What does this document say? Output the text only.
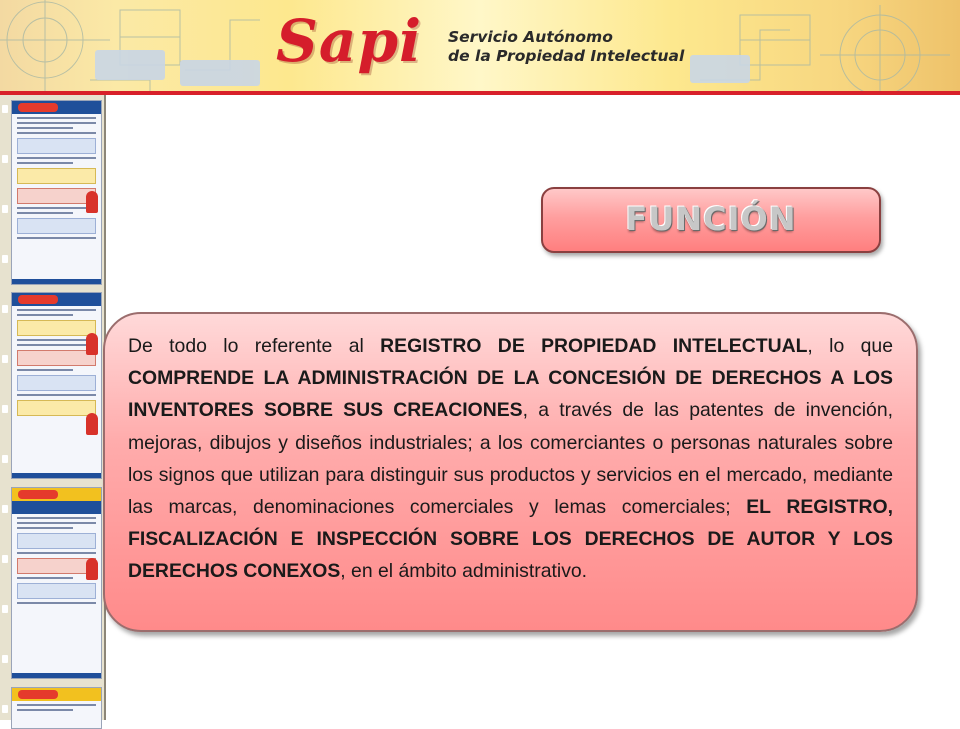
Sapi Servicio Autónomo
de la Propiedad Intelectual
FUNCIÓN

De todo lo referente al REGISTRO DE PROPIEDAD INTELECTUAL, lo que COMPRENDE LA ADMINISTRACIÓN DE LA CONCESIÓN DE DERECHOS A LOS INVENTORES SOBRE SUS CREACIONES, a través de las patentes de invención, mejoras, dibujos y diseños industriales; a los comerciantes o personas naturales sobre los signos que utilizan para distinguir sus productos y servicios en el mercado, mediante las marcas, denominaciones comerciales y lemas comerciales; EL REGISTRO, FISCALIZACIÓN E INSPECCIÓN SOBRE LOS DERECHOS DE AUTOR Y LOS DERECHOS CONEXOS, en el ámbito administrativo.
